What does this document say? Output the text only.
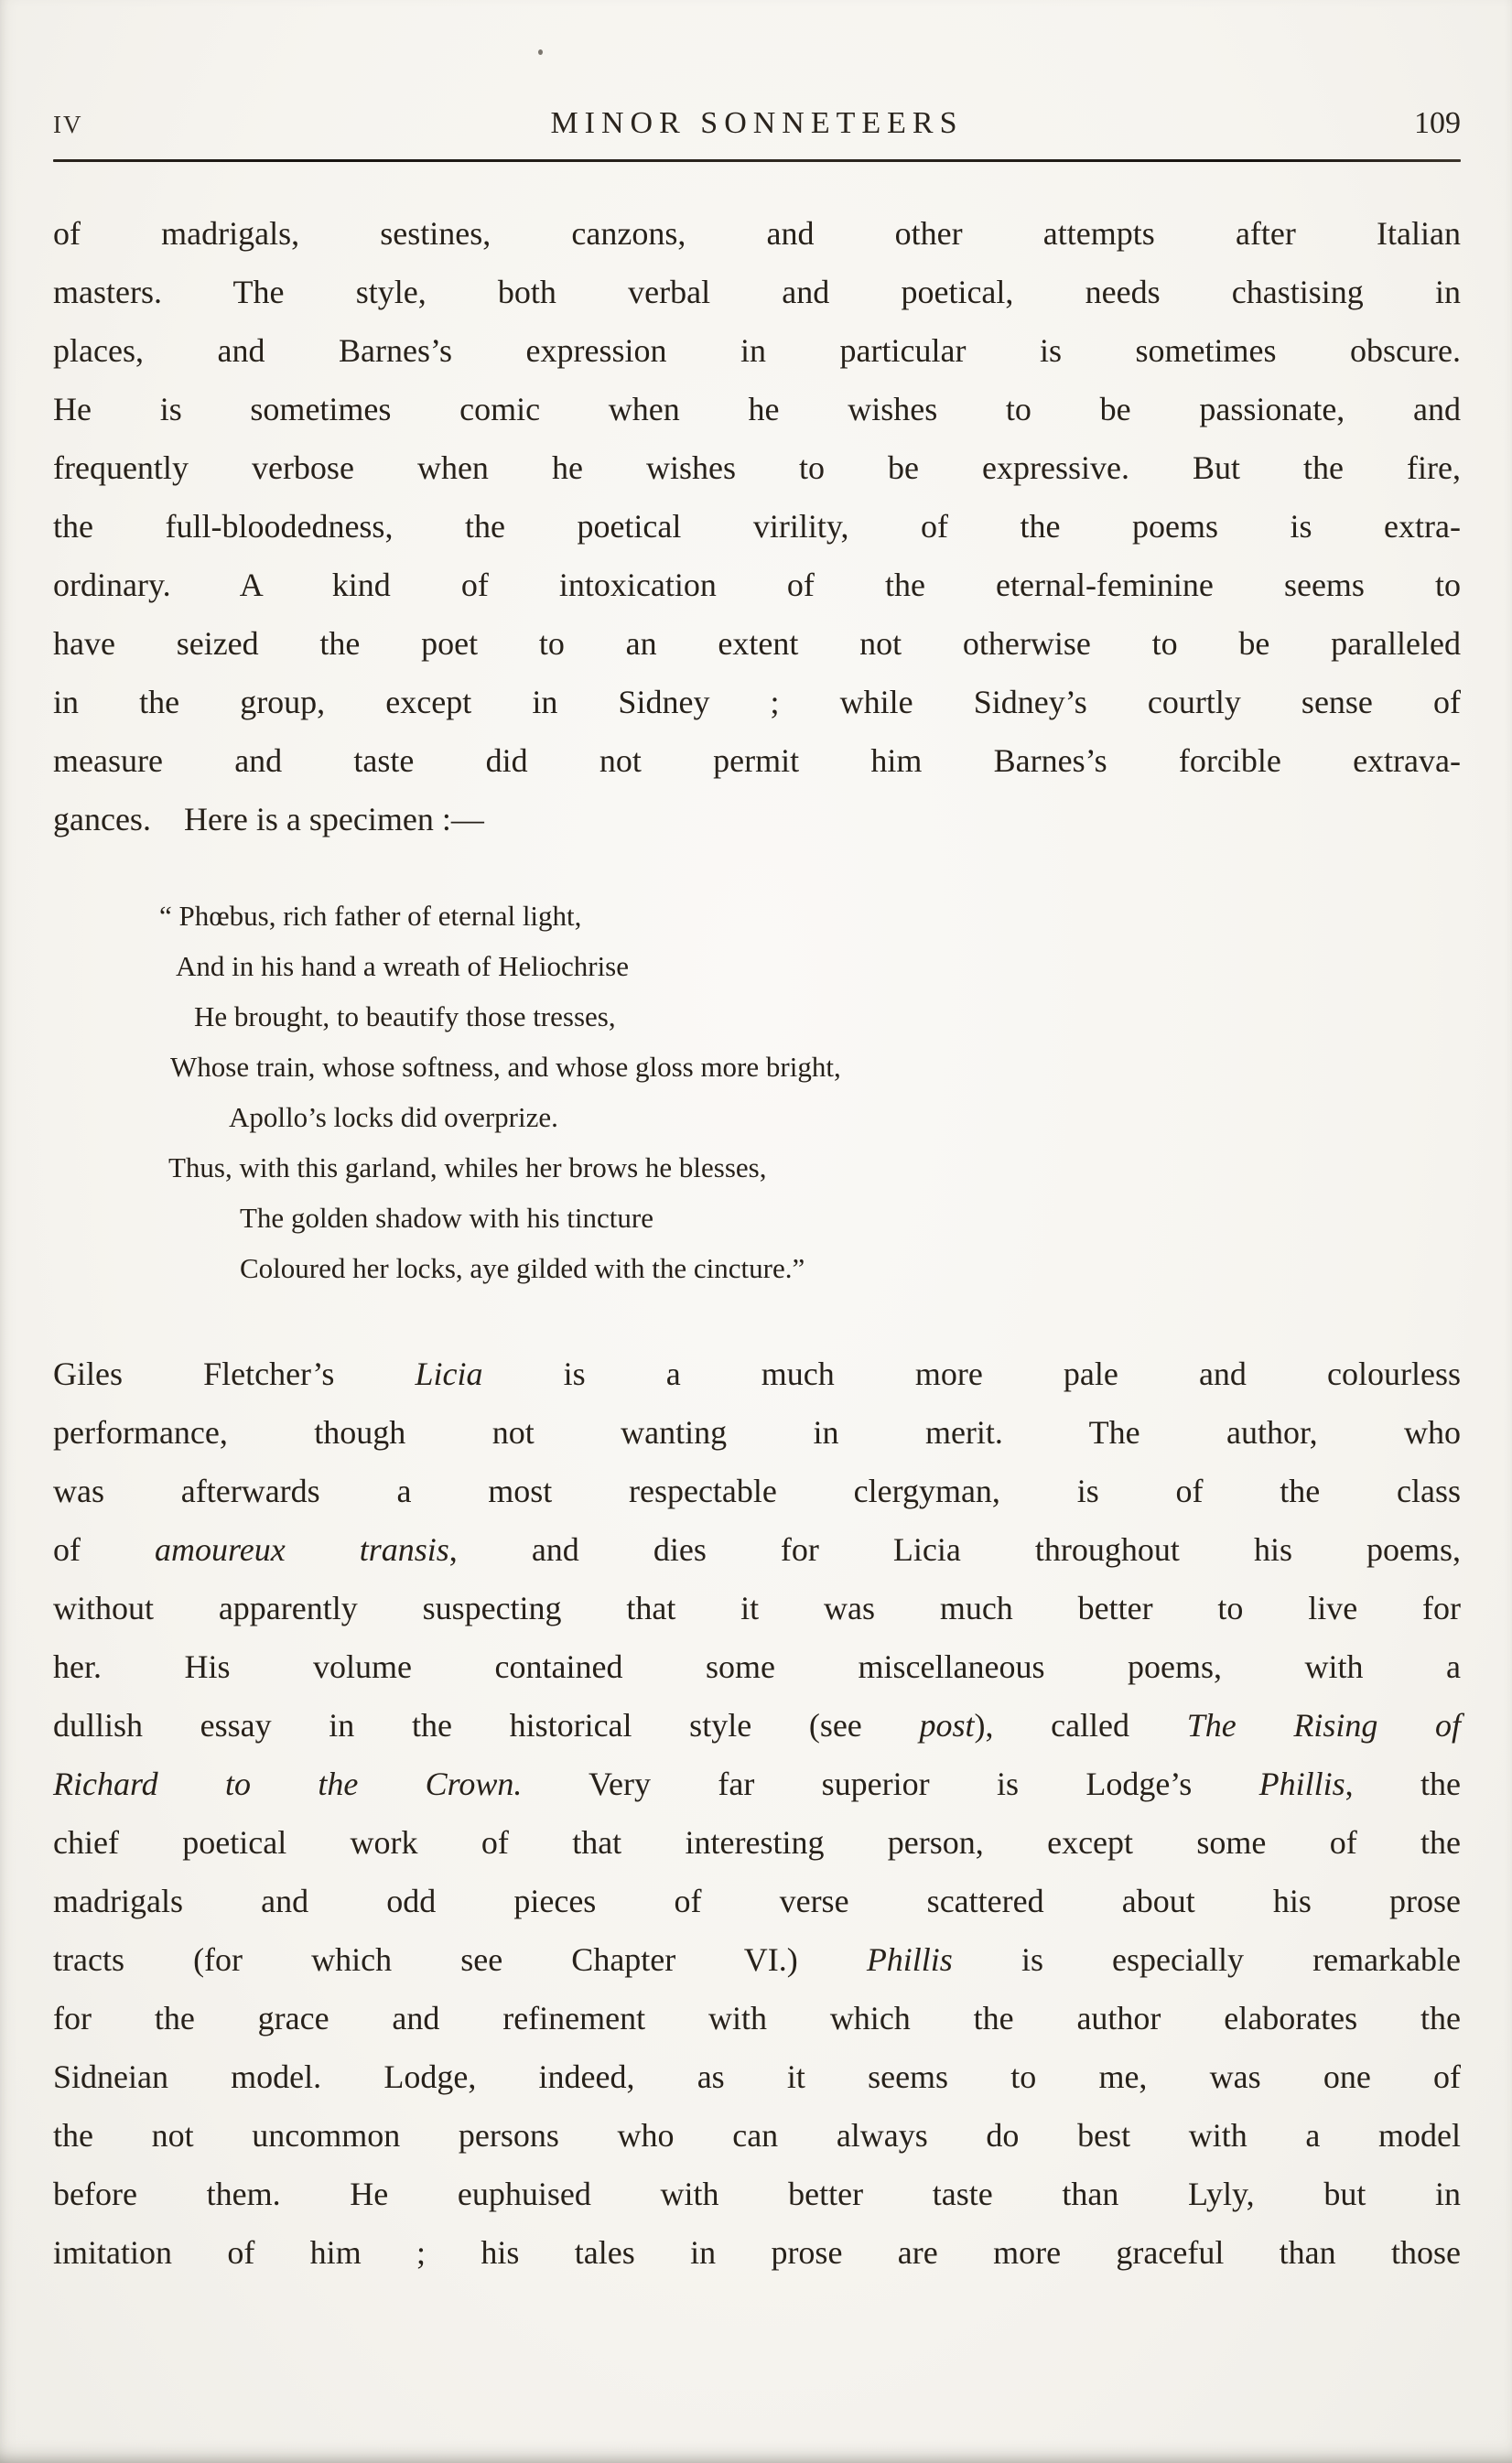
IV	MINOR SONNETEERS	109
of madrigals, sestines, canzons, and other attempts after Italian
masters. The style, both verbal and poetical, needs chastising in
places, and Barnes’s expression in particular is sometimes obscure.
He is sometimes comic when he wishes to be passionate, and
frequently verbose when he wishes to be expressive. But the fire,
the full-bloodedness, the poetical virility, of the poems is extra-
ordinary. A kind of intoxication of the eternal-feminine seems to
have seized the poet to an extent not otherwise to be paralleled
in the group, except in Sidney ; while Sidney’s courtly sense of
measure and taste did not permit him Barnes’s forcible extrava-
gances. Here is a specimen :—
“ Phœbus, rich father of eternal light,
And in his hand a wreath of Heliochrise
He brought, to beautify those tresses,
Whose train, whose softness, and whose gloss more bright,
Apollo’s locks did overprize.
Thus, with this garland, whiles her brows he blesses,
The golden shadow with his tincture
Coloured her locks, aye gilded with the cincture.”
Giles Fletcher’s Licia is a much more pale and colourless
performance, though not wanting in merit. The author, who
was afterwards a most respectable clergyman, is of the class
of amoureux transis, and dies for Licia throughout his poems,
without apparently suspecting that it was much better to live for
her. His volume contained some miscellaneous poems, with a
dullish essay in the historical style (see post), called The Rising of
Richard to the Crown. Very far superior is Lodge’s Phillis, the
chief poetical work of that interesting person, except some of the
madrigals and odd pieces of verse scattered about his prose
tracts (for which see Chapter VI.) Phillis is especially remarkable
for the grace and refinement with which the author elaborates the
Sidneian model. Lodge, indeed, as it seems to me, was one of
the not uncommon persons who can always do best with a model
before them. He euphuised with better taste than Lyly, but in
imitation of him ; his tales in prose are more graceful than those
